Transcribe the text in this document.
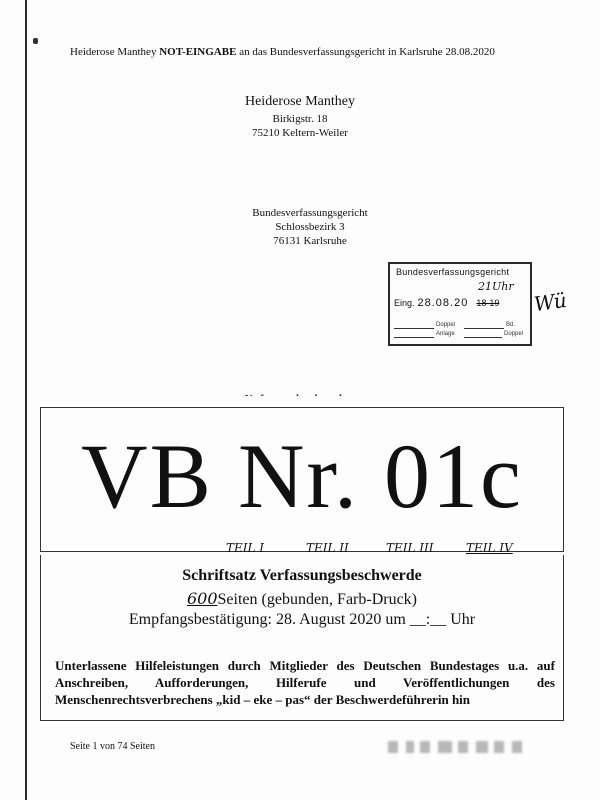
Heiderose Manthey NOT-EINGABE an das Bundesverfassungsgericht in Karlsruhe 28.08.2020
Heiderose Manthey
Birkigstr. 18
75210 Keltern-Weiler
Bundesverfassungsgericht
Schlossbezirk 3
76131 Karlsruhe
Bundesverfassungsgericht
21Uhr
Eing. 28.08.20 18-19
Doppel	Bd.
Anlage	Doppel
Wü
VB Nr. 01c
TEIL I	TEIL II	TEIL III	TEIL IV
Schriftsatz Verfassungsbeschwerde
600Seiten (gebunden, Farb-Druck)
Empfangsbestätigung: 28. August 2020 um __:__ Uhr
Unterlassene Hilfeleistungen durch Mitglieder des Deutschen Bundestages u.a. auf Anschreiben, Aufforderungen, Hilferufe und Veröffentlichungen des Menschenrechtsverbrechens „kid – eke – pas“ der Beschwerdeführerin hin
Seite 1 von 74 Seiten
